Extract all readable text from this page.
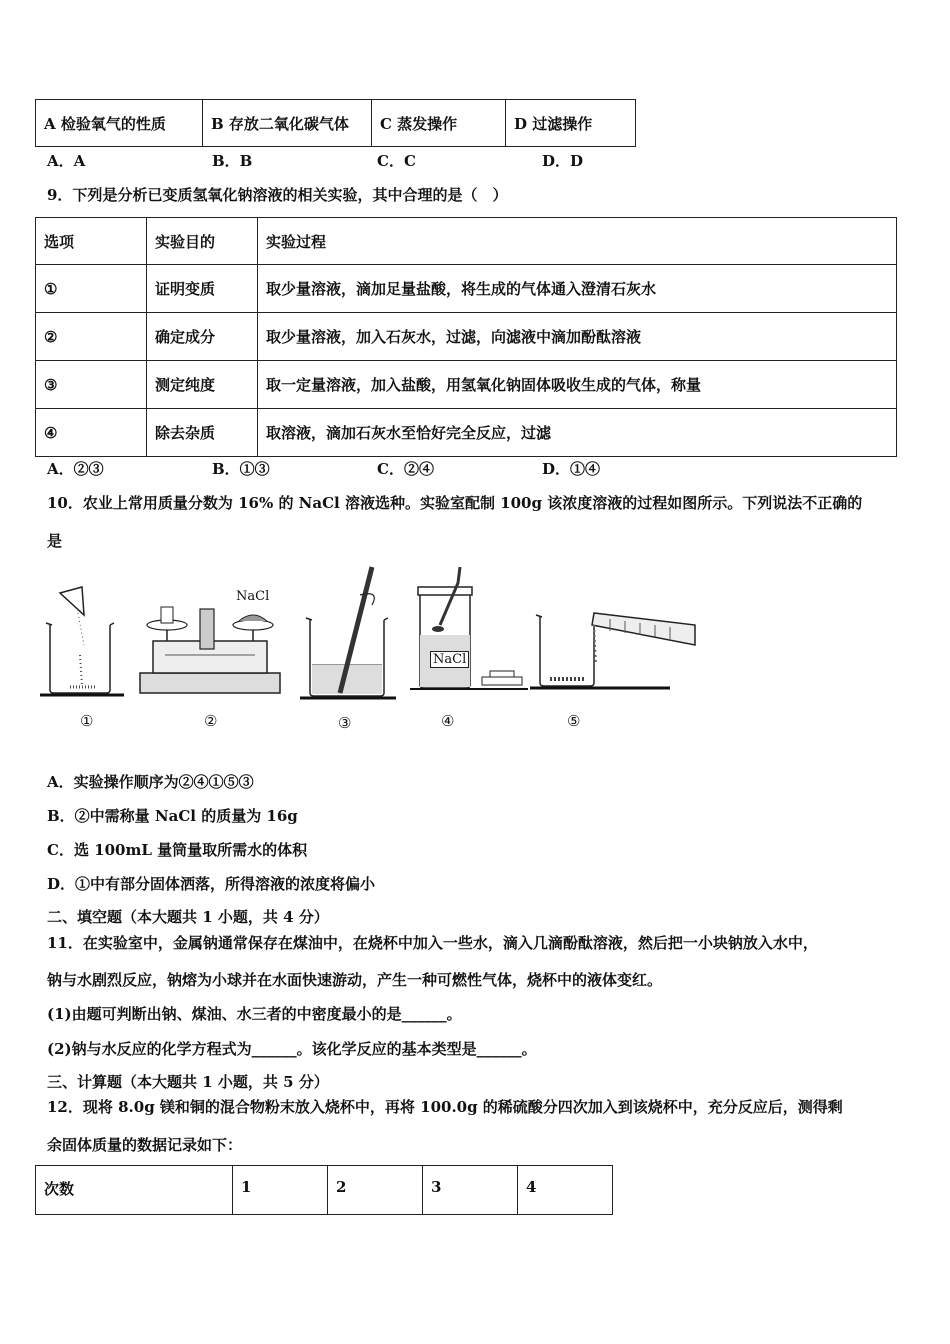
A 检验氧气的性质	B 存放二氧化碳气体	C 蒸发操作	D 过滤操作
A．A	B．B	C．C	D．D
9．下列是分析已变质氢氧化钠溶液的相关实验，其中合理的是（　）
选项	实验目的	实验过程
①	证明变质	取少量溶液，滴加足量盐酸，将生成的气体通入澄清石灰水
②	确定成分	取少量溶液，加入石灰水，过滤，向滤液中滴加酚酞溶液
③	测定纯度	取一定量溶液，加入盐酸，用氢氧化钠固体吸收生成的气体，称量
④	除去杂质	取溶液，滴加石灰水至恰好完全反应，过滤
A．②③	B．①③	C．②④	D．①④
10．农业上常用质量分数为 16% 的 NaCl 溶液选种。实验室配制 100g 该浓度溶液的过程如图所示。下列说法不正确的
是
NaCl
NaCl
①	②	③	④	⑤
A．实验操作顺序为②④①⑤③
B．②中需称量 NaCl 的质量为 16g
C．选 100mL 量筒量取所需水的体积
D．①中有部分固体洒落，所得溶液的浓度将偏小
二、填空题（本大题共 1 小题，共 4 分）
11．在实验室中，金属钠通常保存在煤油中，在烧杯中加入一些水，滴入几滴酚酞溶液，然后把一小块钠放入水中，
钠与水剧烈反应，钠熔为小球并在水面快速游动，产生一种可燃性气体，烧杯中的液体变红。
(1)由题可判断出钠、煤油、水三者的中密度最小的是______。
(2)钠与水反应的化学方程式为______。该化学反应的基本类型是______。
三、计算题（本大题共 1 小题，共 5 分）
12．现将 8.0g 镁和铜的混合物粉末放入烧杯中，再将 100.0g 的稀硫酸分四次加入到该烧杯中，充分反应后，测得剩
余固体质量的数据记录如下：
次数	1	2	3	4
